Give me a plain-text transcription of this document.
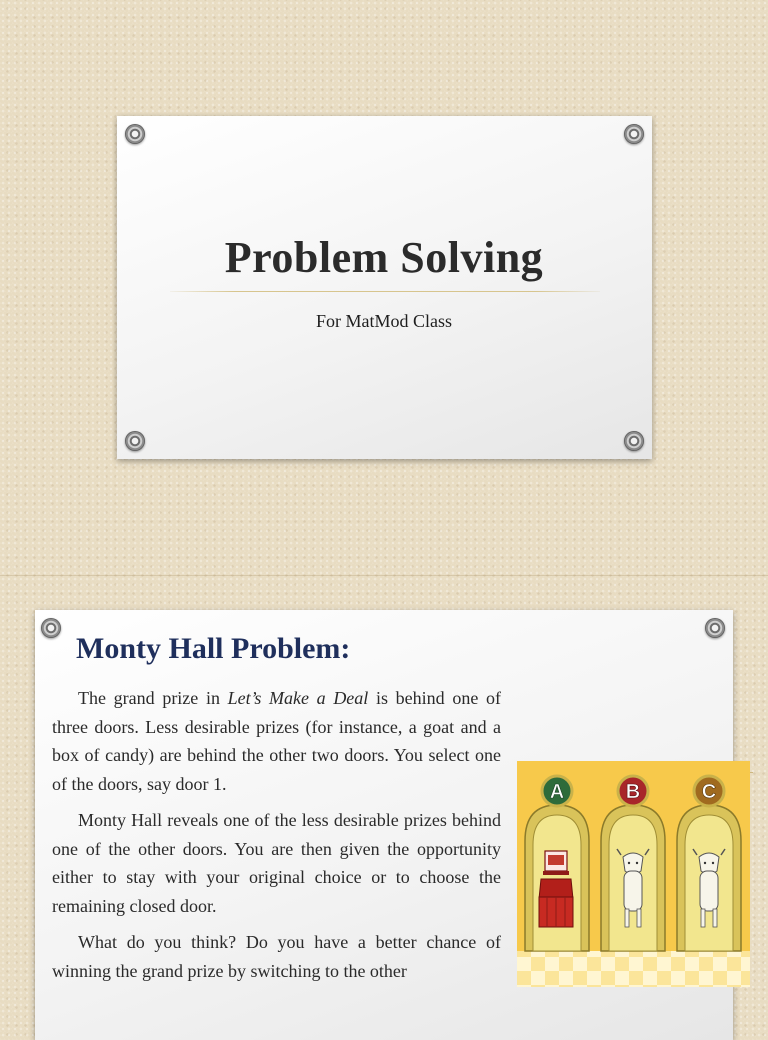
Problem Solving
For MatMod Class
Monty Hall Problem:

The grand prize in Let’s Make a Deal is behind one of three doors. Less desirable prizes (for instance, a goat and a box of candy) are behind the other two doors. You select one of the doors, say door 1.

Monty Hall reveals one of the less desirable prizes behind one of the other doors. You are then given the opportunity either to stay with your original choice or to choose the remaining closed door.

What do you think? Do you have a better chance of winning the grand prize by switching to the other

A	B	C
